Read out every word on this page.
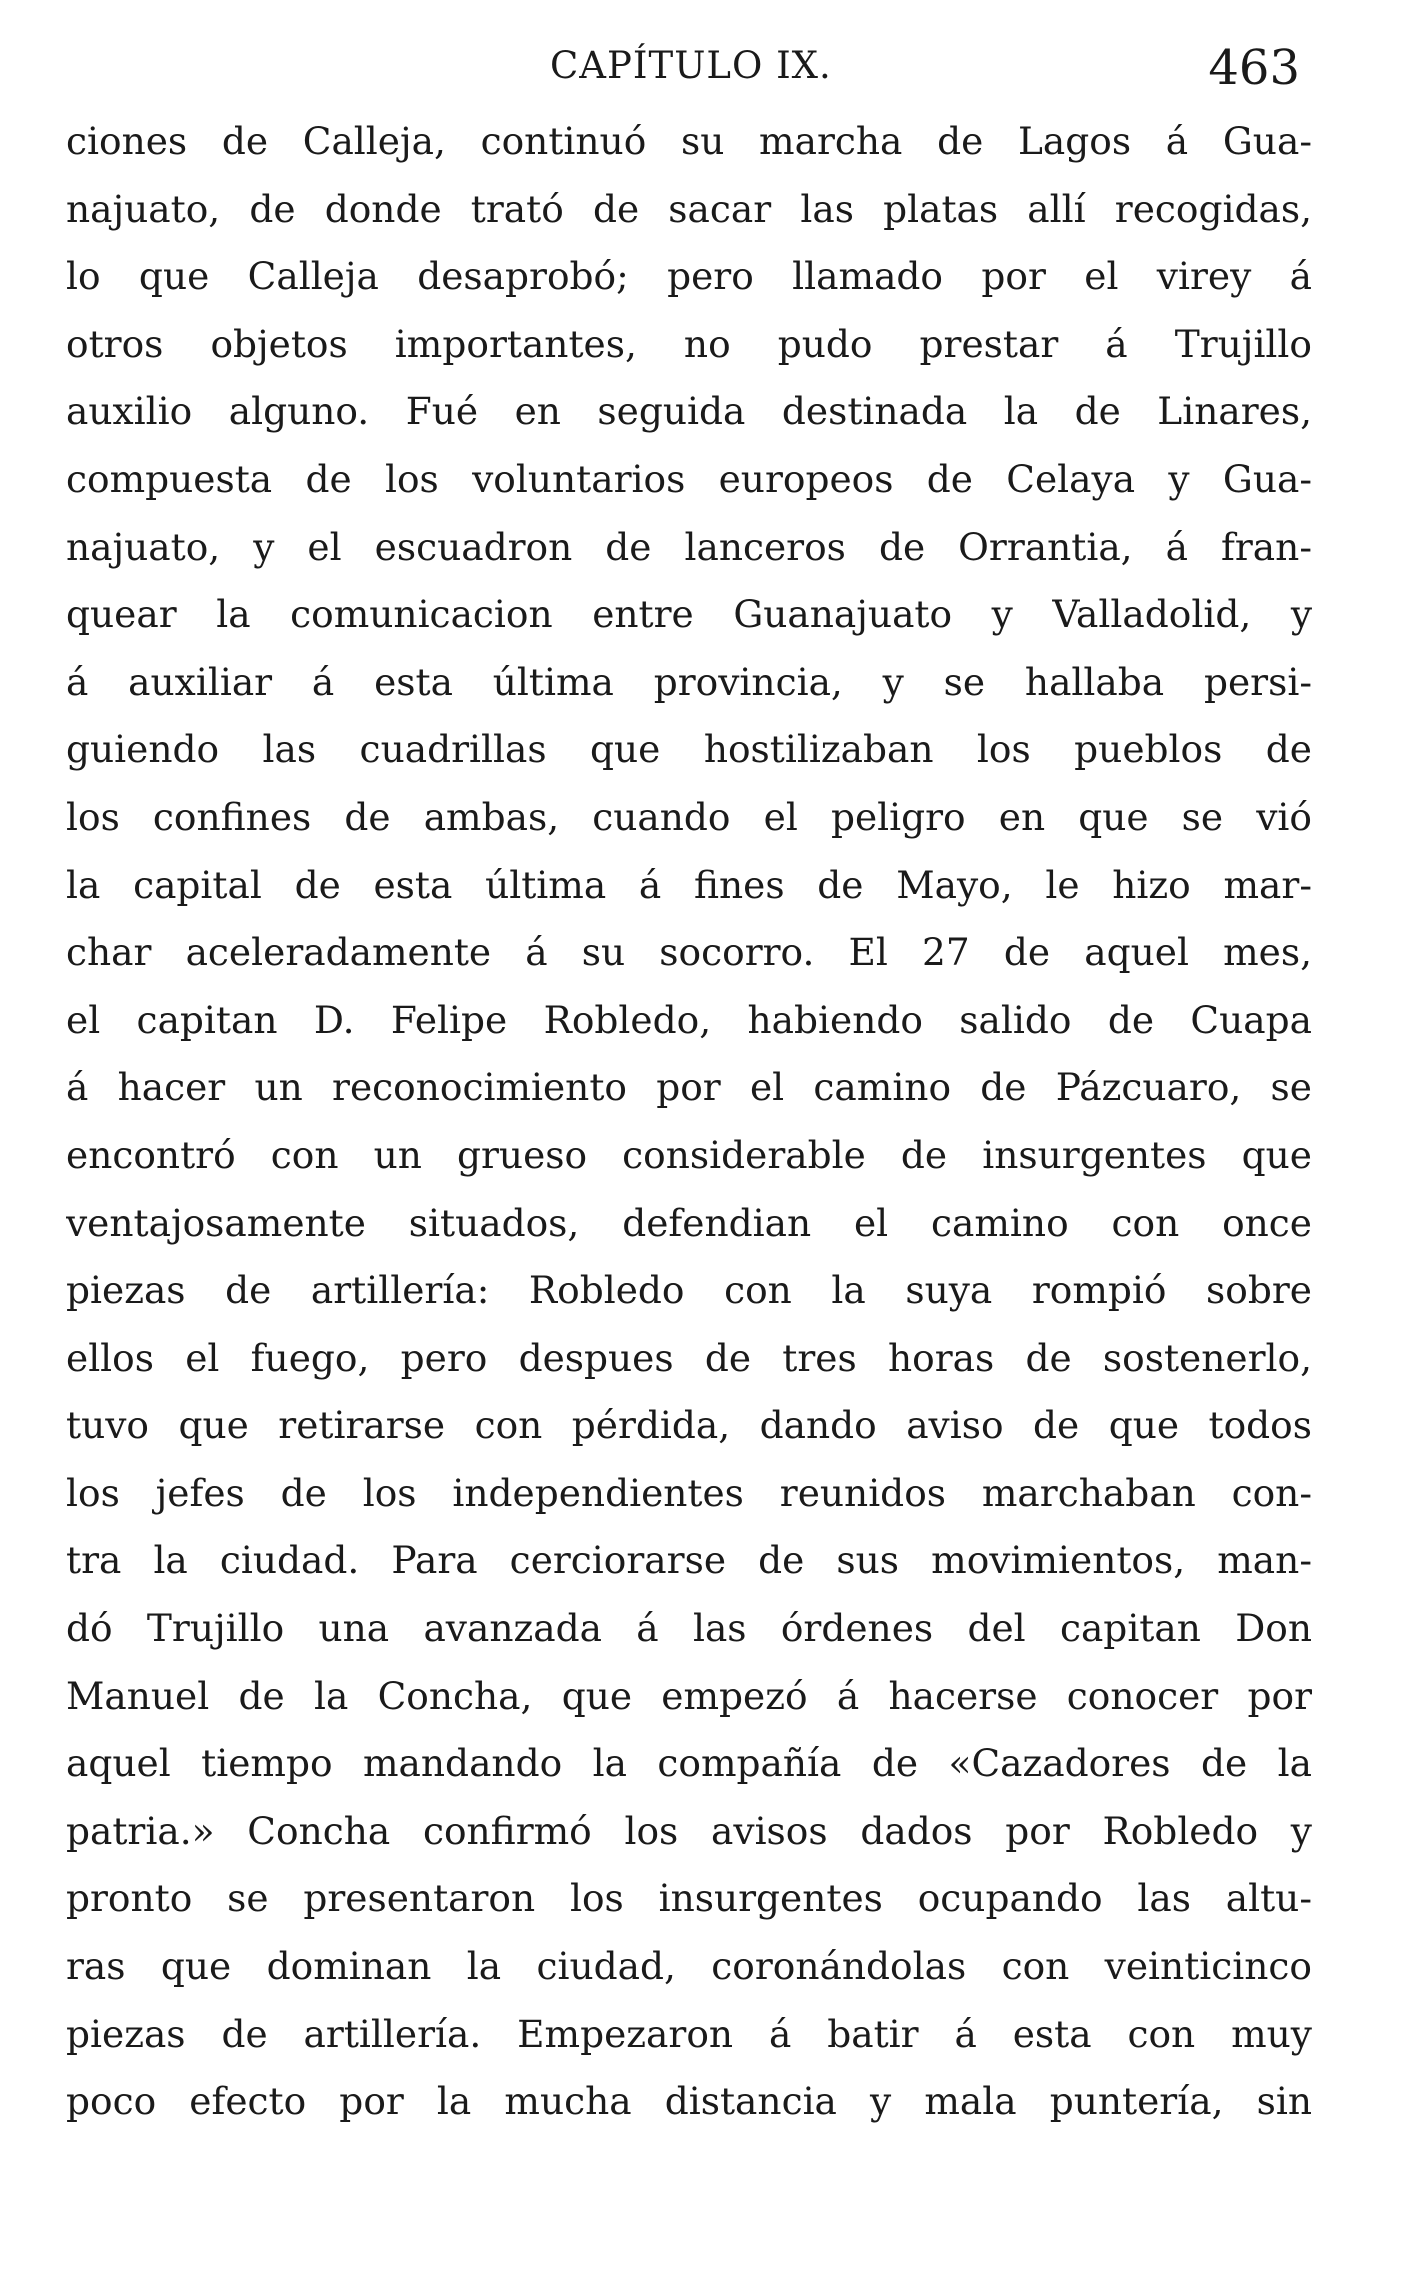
CAPÍTULO IX.	463
ciones de Calleja, continuó su marcha de Lagos á Gua-
najuato, de donde trató de sacar las platas allí recogidas,
lo que Calleja desaprobó; pero llamado por el virey á
otros objetos importantes, no pudo prestar á Trujillo
auxilio alguno. Fué en seguida destinada la de Linares,
compuesta de los voluntarios europeos de Celaya y Gua-
najuato, y el escuadron de lanceros de Orrantia, á fran-
quear la comunicacion entre Guanajuato y Valladolid, y
á auxiliar á esta última provincia, y se hallaba persi-
guiendo las cuadrillas que hostilizaban los pueblos de
los confines de ambas, cuando el peligro en que se vió
la capital de esta última á fines de Mayo, le hizo mar-
char aceleradamente á su socorro. El 27 de aquel mes,
el capitan D. Felipe Robledo, habiendo salido de Cuapa
á hacer un reconocimiento por el camino de Pázcuaro, se
encontró con un grueso considerable de insurgentes que
ventajosamente situados, defendian el camino con once
piezas de artillería: Robledo con la suya rompió sobre
ellos el fuego, pero despues de tres horas de sostenerlo,
tuvo que retirarse con pérdida, dando aviso de que todos
los jefes de los independientes reunidos marchaban con-
tra la ciudad. Para cerciorarse de sus movimientos, man-
dó Trujillo una avanzada á las órdenes del capitan Don
Manuel de la Concha, que empezó á hacerse conocer por
aquel tiempo mandando la compañía de «Cazadores de la
patria.» Concha confirmó los avisos dados por Robledo y
pronto se presentaron los insurgentes ocupando las altu-
ras que dominan la ciudad, coronándolas con veinticinco
piezas de artillería. Empezaron á batir á esta con muy
poco efecto por la mucha distancia y mala puntería, sin
